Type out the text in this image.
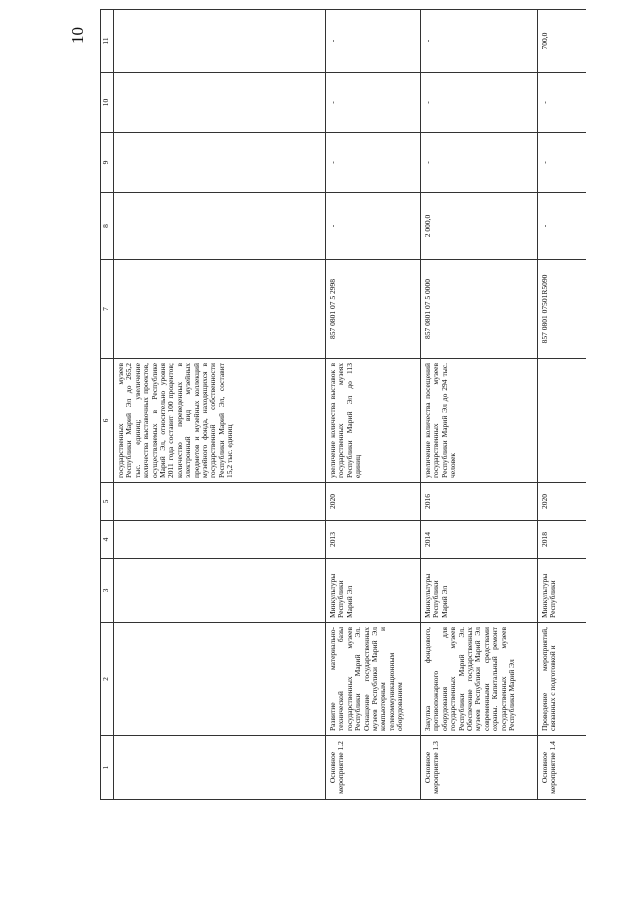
10
1	2	3	4	5	6	7	8	9	10	11
					государственных музеев Республики Марий Эл до 265,2 тыс. единиц; увеличение количества выставочных проектов, осуществляемых в Республике Марий Эл, относительно уровня 2011 года составит 100 процентов; количество переведенных в электронный вид музейных предметов и музейных коллекций музейного фонда, находящихся в государственной собственности Республики Марий Эл, составит 15,2 тыс. единиц					
Основное мероприятие 1.2	Развитие материально-технической базы государственных музеев Республики Марий Эл. Оснащение государственных музеев Республики Марий Эл компьютерным и телекоммуникационным оборудованием	Минкультуры Республики Марий Эл	2013	2020	увеличение количества выставок в государственных музеях Республики Марий Эл до 113 единиц	857 0801 07 5 2998	-	-	-	-
Основное мероприятие 1.3	Закупка фондового, противопожарного оборудования для государственных музеев Республики Марий Эл. Обеспечение государственных музеев Республики Марий Эл современными средствами охраны. Капитальный ремонт государственных музеев Республики Марий Эл	Минкультуры Республики Марий Эл	2014	2016	увеличение количества посещений государственных музеев Республики Марий Эл до 294 тыс. человек	857 0801 07 5 0000	2 000,0	-	-	-
Основное мероприятие 1.4	Проведение мероприятий, связанных с подготовкой и	Минкультуры Республики	2018	2020		857 0801 07501R5090	-	-	-	700,0
